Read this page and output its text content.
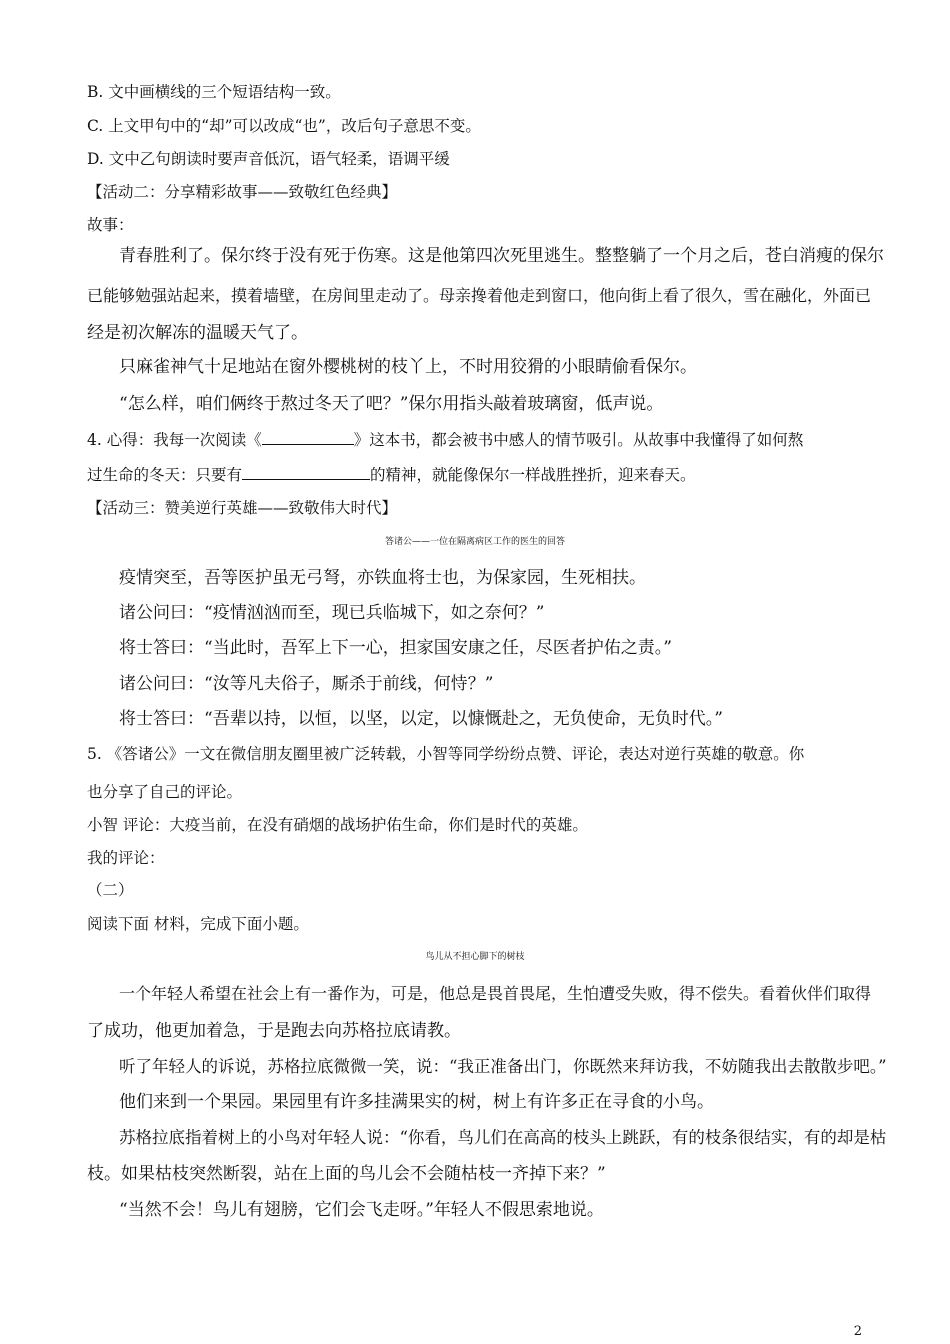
B. 文中画横线的三个短语结构一致。
C. 上文甲句中的“却”可以改成“也”，改后句子意思不变。
D. 文中乙句朗读时要声音低沉，语气轻柔，语调平缓
【活动二：分享精彩故事——致敬红色经典】
故事：
青春胜利了。保尔终于没有死于伤寒。这是他第四次死里逃生。整整躺了一个月之后，苍白消瘦的保尔
已能够勉强站起来，摸着墙壁，在房间里走动了。母亲搀着他走到窗口，他向街上看了很久，雪在融化，外面已
经是初次解冻的温暖天气了。
只麻雀神气十足地站在窗外樱桃树的枝丫上，不时用狡猾的小眼睛偷看保尔。
“怎么样，咱们俩终于熬过冬天了吧？”保尔用指头敲着玻璃窗，低声说。
4. 心得：我每一次阅读《	》这本书，都会被书中感人的情节吸引。从故事中我懂得了如何熬
过生命的冬天：只要有	的精神，就能像保尔一样战胜挫折，迎来春天。
【活动三：赞美逆行英雄——致敬伟大时代】
答诸公——一位在隔离病区工作的医生的回答
疫情突至，吾等医护虽无弓弩，亦铁血将士也，为保家园，生死相扶。
诸公问曰：“疫情汹汹而至，现已兵临城下，如之奈何？”
将士答曰：“当此时，吾军上下一心，担家国安康之任，尽医者护佑之责。”
诸公问曰：“汝等凡夫俗子，厮杀于前线，何恃？”
将士答曰：“吾辈以持，以恒，以坚，以定，以慷慨赴之，无负使命，无负时代。”
5. 《答诸公》一文在微信朋友圈里被广泛转载，小智等同学纷纷点赞、评论，表达对逆行英雄的敬意。你
也分享了自己的评论。
小智 评论：大疫当前，在没有硝烟的战场护佑生命，你们是时代的英雄。
我的评论：
（二）
阅读下面 材料，完成下面小题。
鸟儿从不担心脚下的树枝
一个年轻人希望在社会上有一番作为，可是，他总是畏首畏尾，生怕遭受失败，得不偿失。看着伙伴们取得
了成功，他更加着急，于是跑去向苏格拉底请教。
听了年轻人的诉说，苏格拉底微微一笑，说：“我正准备出门，你既然来拜访我，不妨随我出去散散步吧。”
他们来到一个果园。果园里有许多挂满果实的树，树上有许多正在寻食的小鸟。
苏格拉底指着树上的小鸟对年轻人说：“你看，鸟儿们在高高的枝头上跳跃，有的枝条很结实，有的却是枯
枝。如果枯枝突然断裂，站在上面的鸟儿会不会随枯枝一齐掉下来？”
“当然不会！鸟儿有翅膀，它们会飞走呀。”年轻人不假思索地说。
2
